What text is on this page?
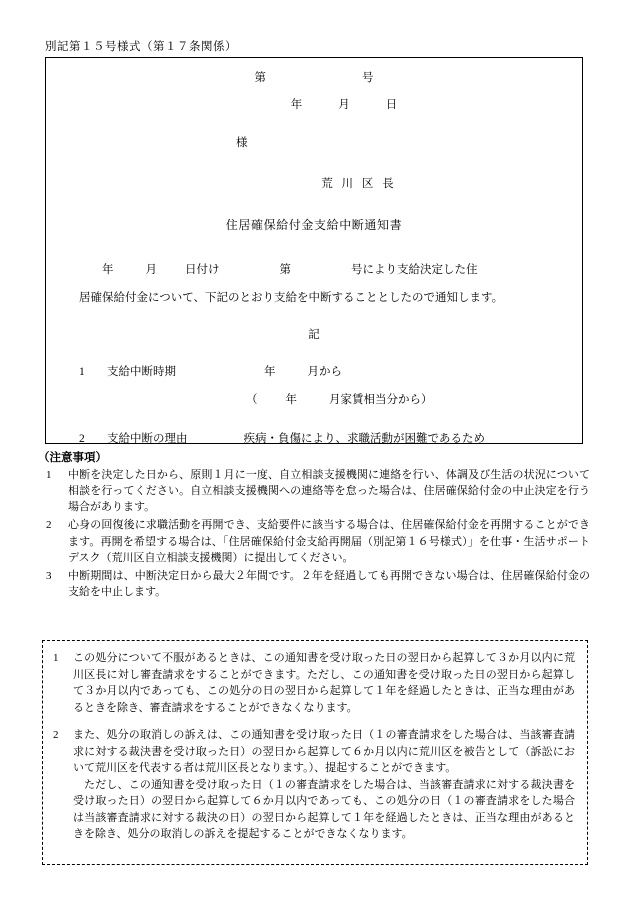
別記第１５号様式（第１７条関係）
第	号
年	月	日
様
荒 川 区 長
住居確保給付金支給中断通知書
年	月 日付け	第	号により支給決定した住
居確保給付金について、下記のとおり支給を中断することとしたので通知します。
記
1 支給中断時期	年	月から
（ 年	月家賃相当分から）
2 支給中断の理由	疾病・負傷により、求職活動が困難であるため
（注意事項）
1 中断を決定した日から、原則１月に一度、自立相談支援機関に連絡を行い、体調及び生活の状況について相談を行ってください。自立相談支援機関への連絡等を怠った場合は、住居確保給付金の中止決定を行う場合があります。

2 心身の回復後に求職活動を再開でき、支給要件に該当する場合は、住居確保給付金を再開することができます。再開を希望する場合は、「住居確保給付金支給再開届（別記第１６号様式）」を仕事・生活サポートデスク（荒川区自立相談支援機関）に提出してください。

3 中断期間は、中断決定日から最大２年間です。２年を経過しても再開できない場合は、住居確保給付金の支給を中止します。

1 この処分について不服があるときは、この通知書を受け取った日の翌日から起算して３か月以内に荒川区長に対し審査請求をすることができます。ただし、この通知書を受け取った日の翌日から起算して３か月以内であっても、この処分の日の翌日から起算して１年を経過したときは、正当な理由があるときを除き、審査請求をすることができなくなります。

2 また、処分の取消しの訴えは、この通知書を受け取った日（１の審査請求をした場合は、当該審査請求に対する裁決書を受け取った日）の翌日から起算して６か月以内に荒川区を被告として（訴訟において荒川区を代表する者は荒川区長となります。）、提起することができます。

ただし、この通知書を受け取った日（１の審査請求をした場合は、当該審査請求に対する裁決書を受け取った日）の翌日から起算して６か月以内であっても、この処分の日（１の審査請求をした場合は当該審査請求に対する裁決の日）の翌日から起算して１年を経過したときは、正当な理由があるときを除き、処分の取消しの訴えを提起することができなくなります。
